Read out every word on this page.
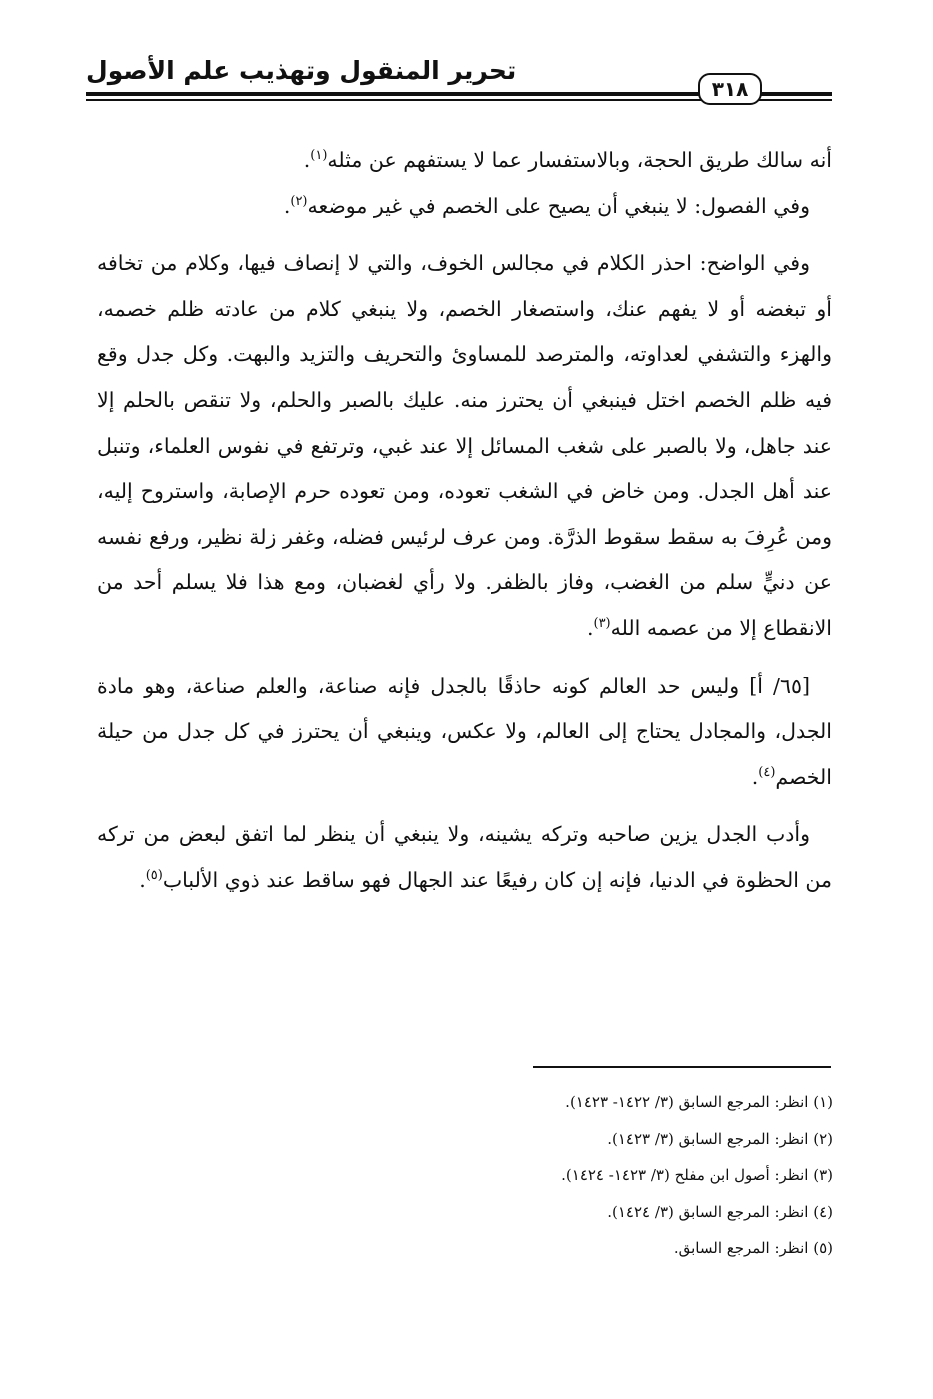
تحرير المنقول وتهذيب علم الأصول
٣١٨

أنه سالك طريق الحجة، وبالاستفسار عما لا يستفهم عن مثله$^{(١)}$.

وفي الفصول: لا ينبغي أن يصيح على الخصم في غير موضعه$^{(٢)}$.

وفي الواضح: احذر الكلام في مجالس الخوف، والتي لا إنصاف فيها، وكلام من تخافه أو تبغضه أو لا يفهم عنك، واستصغار الخصم، ولا ينبغي كلام من عادته ظلم خصمه، والهزء والتشفي لعداوته، والمترصد للمساوئ والتحريف والتزيد والبهت. وكل جدل وقع فيه ظلم الخصم اختل فينبغي أن يحترز منه. عليك بالصبر والحلم، ولا تنقص بالحلم إلا عند جاهل، ولا بالصبر على شغب المسائل إلا عند غبي، وترتفع في نفوس العلماء، وتنبل عند أهل الجدل. ومن خاض في الشغب تعوده، ومن تعوده حرم الإصابة، واستروح إليه، ومن عُرِفَ به سقط سقوط الذرَّة. ومن عرف لرئيس فضله، وغفر زلة نظير، ورفع نفسه عن دنيٍّ سلم من الغضب، وفاز بالظفر. ولا رأي لغضبان، ومع هذا فلا يسلم أحد من الانقطاع إلا من عصمه الله$^{(٣)}$.

[٦٥/ أ] وليس حد العالم كونه حاذقًا بالجدل فإنه صناعة، والعلم صناعة، وهو مادة الجدل، والمجادل يحتاج إلى العالم، ولا عكس، وينبغي أن يحترز في كل جدل من حيلة الخصم$^{(٤)}$.

وأدب الجدل يزين صاحبه وتركه يشينه، ولا ينبغي أن ينظر لما اتفق لبعض من تركه من الحظوة في الدنيا، فإنه إن كان رفيعًا عند الجهال فهو ساقط عند ذوي الألباب$^{(٥)}$.

(١) انظر: المرجع السابق (٣/ ١٤٢٢- ١٤٢٣).

(٢) انظر: المرجع السابق (٣/ ١٤٢٣).

(٣) انظر: أصول ابن مفلح (٣/ ١٤٢٣- ١٤٢٤).

(٤) انظر: المرجع السابق (٣/ ١٤٢٤).

(٥) انظر: المرجع السابق.
